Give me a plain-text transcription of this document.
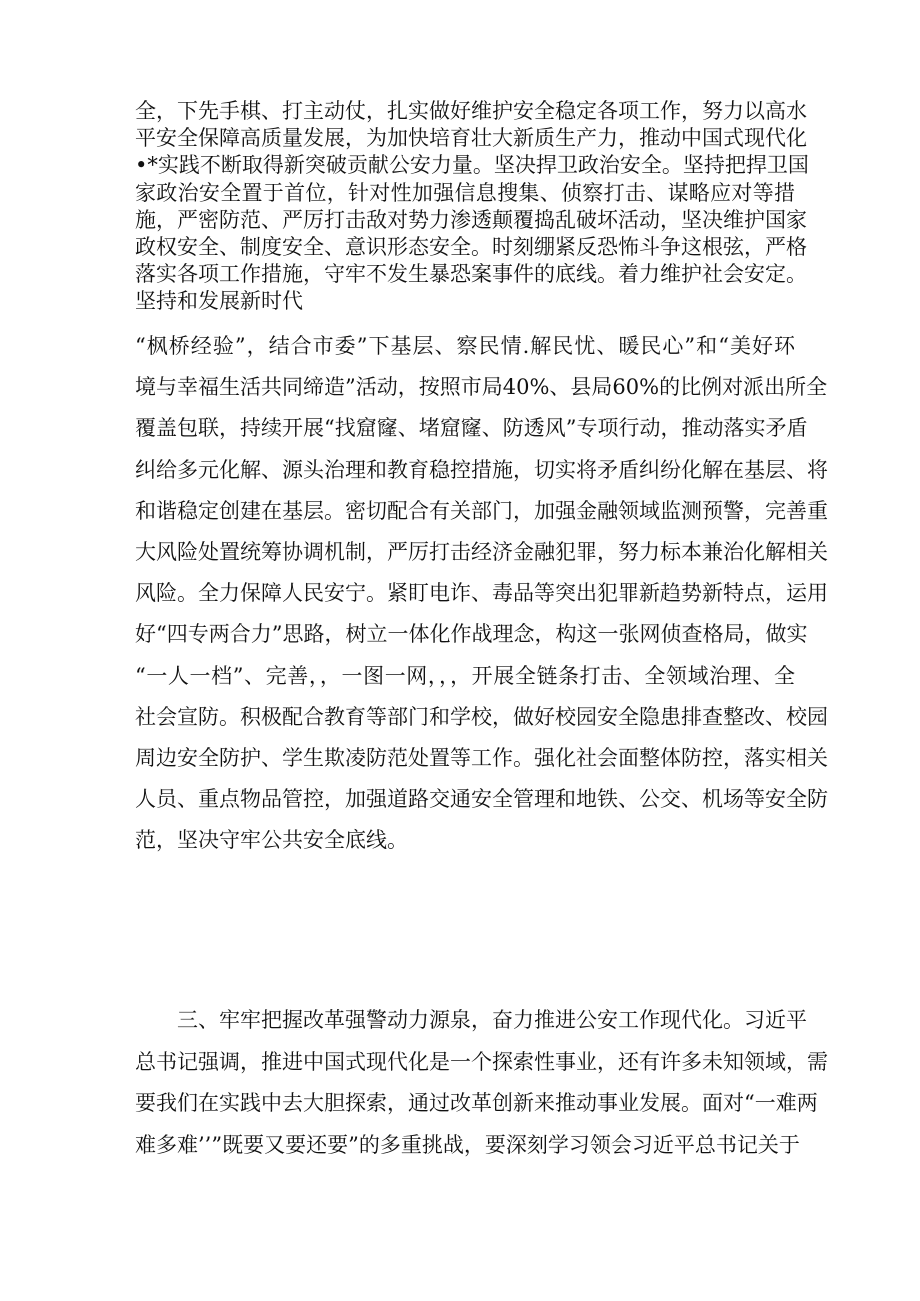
全，下先手棋、打主动仗，扎实做好维护安全稳定各项工作，努力以高水
平安全保障高质量发展，为加快培育壮大新质生产力，推动中国式现代化
•*实践不断取得新突破贡献公安力量。坚决捍卫政治安全。坚持把捍卫国
家政治安全置于首位，针对性加强信息搜集、侦察打击、谋略应对等措
施，严密防范、严厉打击敌对势力渗透颠覆捣乱破坏活动，坚决维护国家
政权安全、制度安全、意识形态安全。时刻绷紧反恐怖斗争这根弦，严格
落实各项工作措施，守牢不发生暴恐案事件的底线。着力维护社会安定。
坚持和发展新时代
“枫桥经验”，结合市委”下基层、察民情.解民忧、暖民心”和“美好环
境与幸福生活共同缔造”活动，按照市局40%、县局60%的比例对派出所全
覆盖包联，持续开展“找窟窿、堵窟窿、防透风”专项行动，推动落实矛盾
纠给多元化解、源头治理和教育稳控措施，切实将矛盾纠纷化解在基层、将
和谐稳定创建在基层。密切配合有关部门，加强金融领域监测预警，完善重
大风险处置统筹协调机制，严厉打击经济金融犯罪，努力标本兼治化解相关
风险。全力保障人民安宁。紧盯电诈、毒品等突出犯罪新趋势新特点，运用
好“四专两合力”思路，树立一体化作战理念，构这一张网侦查格局，做实
“一人一档”、完善，，一图一网，，，开展全链条打击、全领域治理、全
社会宣防。积极配合教育等部门和学校，做好校园安全隐患排查整改、校园
周边安全防护、学生欺凌防范处置等工作。强化社会面整体防控，落实相关
人员、重点物品管控，加强道路交通安全管理和地铁、公交、机场等安全防
范，坚决守牢公共安全底线。
三、牢牢把握改革强警动力源泉，奋力推进公安工作现代化。习近平
总书记强调，推进中国式现代化是一个探索性事业，还有许多未知领域，需
要我们在实践中去大胆探索，通过改革创新来推动事业发展。面对“一难两
难多难’’”既要又要还要”的多重挑战，要深刻学习领会习近平总书记关于
